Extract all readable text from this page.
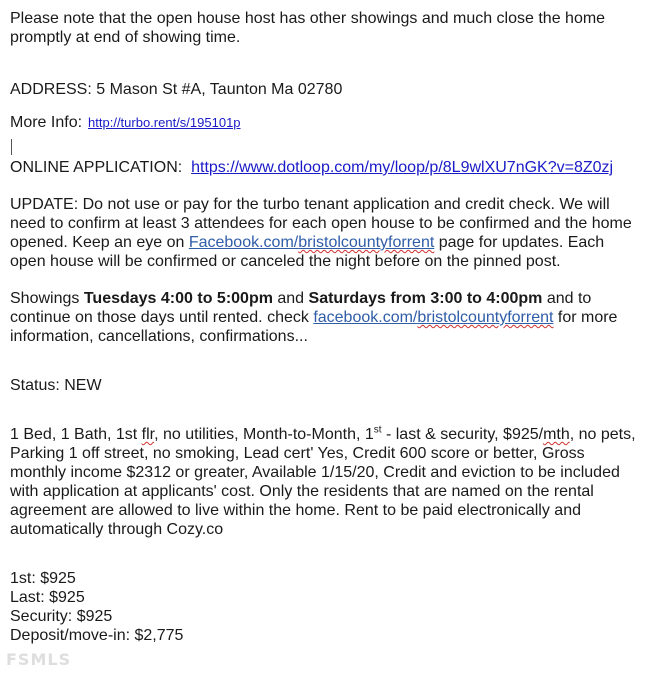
Please note that the open house host has other showings and much close the home
promptly at end of showing time.

ADDRESS: 5 Mason St #A, Taunton Ma 02780

More Info: http://turbo.rent/s/195101p

ONLINE APPLICATION: https://www.dotloop.com/my/loop/p/8L9wlXU7nGK?v=8Z0zj

UPDATE: Do not use or pay for the turbo tenant application and credit check. We will need to confirm at least 3 attendees for each open house to be confirmed and the home opened. Keep an eye on Facebook.com/bristolcountyforrent page for updates. Each open house will be confirmed or canceled the night before on the pinned post.

Showings Tuesdays 4:00 to 5:00pm and Saturdays from 3:00 to 4:00pm and to continue on those days until rented. check facebook.com/bristolcountyforrent for more information, cancellations, confirmations...

Status: NEW

1 Bed, 1 Bath, 1st flr, no utilities, Month-to-Month, 1st - last & security, $925/mth, no pets, Parking 1 off street, no smoking, Lead cert' Yes, Credit 600 score or better, Gross monthly income $2312 or greater, Available 1/15/20, Credit and eviction to be included with application at applicants' cost. Only the residents that are named on the rental agreement are allowed to live within the home. Rent to be paid electronically and automatically through Cozy.co

1st: $925
Last: $925
Security: $925
Deposit/move-in: $2,775

FSMLS
